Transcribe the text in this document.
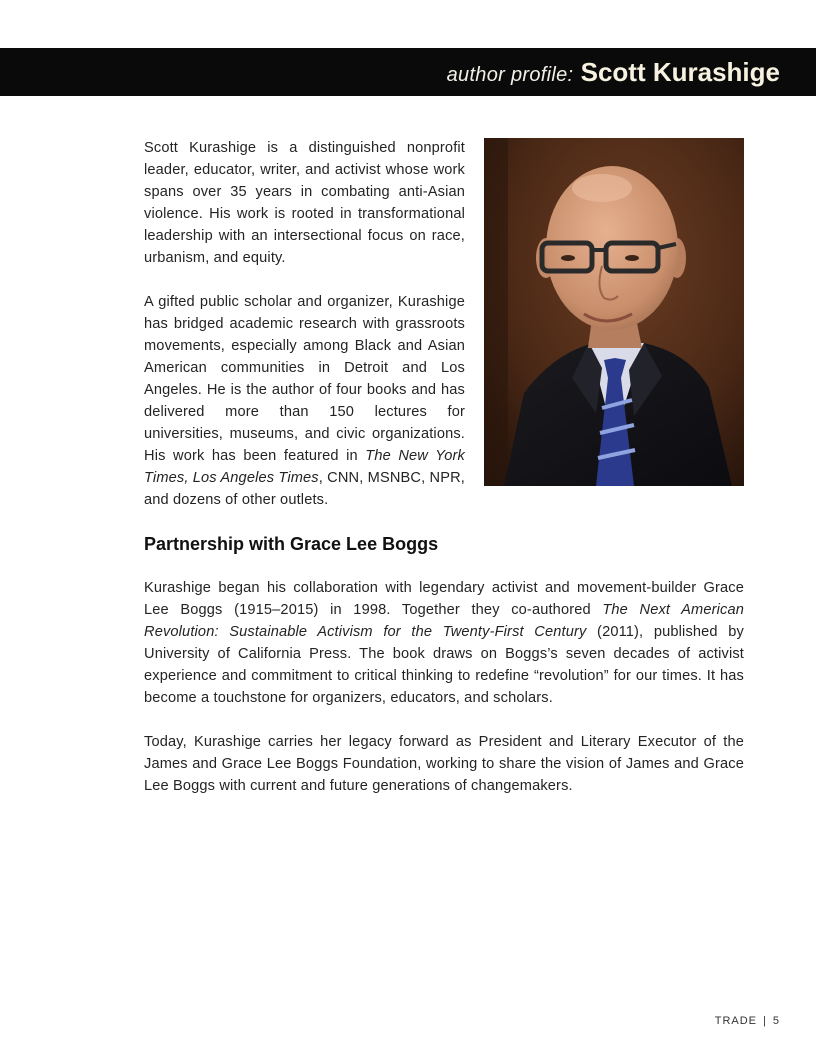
author profile: Scott Kurashige

Scott Kurashige is a distinguished nonprofit leader, educator, writer, and activist whose work spans over 35 years in combating anti-Asian violence. His work is rooted in transformational leadership with an intersectional focus on race, urbanism, and equity.

A gifted public scholar and organizer, Kurashige has bridged academic research with grassroots movements, especially among Black and Asian American communities in Detroit and Los Angeles. He is the author of four books and has delivered more than 150 lectures for universities, museums, and civic organizations. His work has been featured in The New York Times, Los Angeles Times, CNN, MSNBC, NPR, and dozens of other outlets.

Partnership with Grace Lee Boggs

Kurashige began his collaboration with legendary activist and movement-builder Grace Lee Boggs (1915–2015) in 1998. Together they co-authored The Next American Revolution: Sustainable Activism for the Twenty-First Century (2011), published by University of California Press. The book draws on Boggs’s seven decades of activist experience and commitment to critical thinking to redefine “revolution” for our times. It has become a touchstone for organizers, educators, and scholars.

Today, Kurashige carries her legacy forward as President and Literary Executor of the James and Grace Lee Boggs Foundation, working to share the vision of James and Grace Lee Boggs with current and future generations of changemakers.

TRADE | 5
